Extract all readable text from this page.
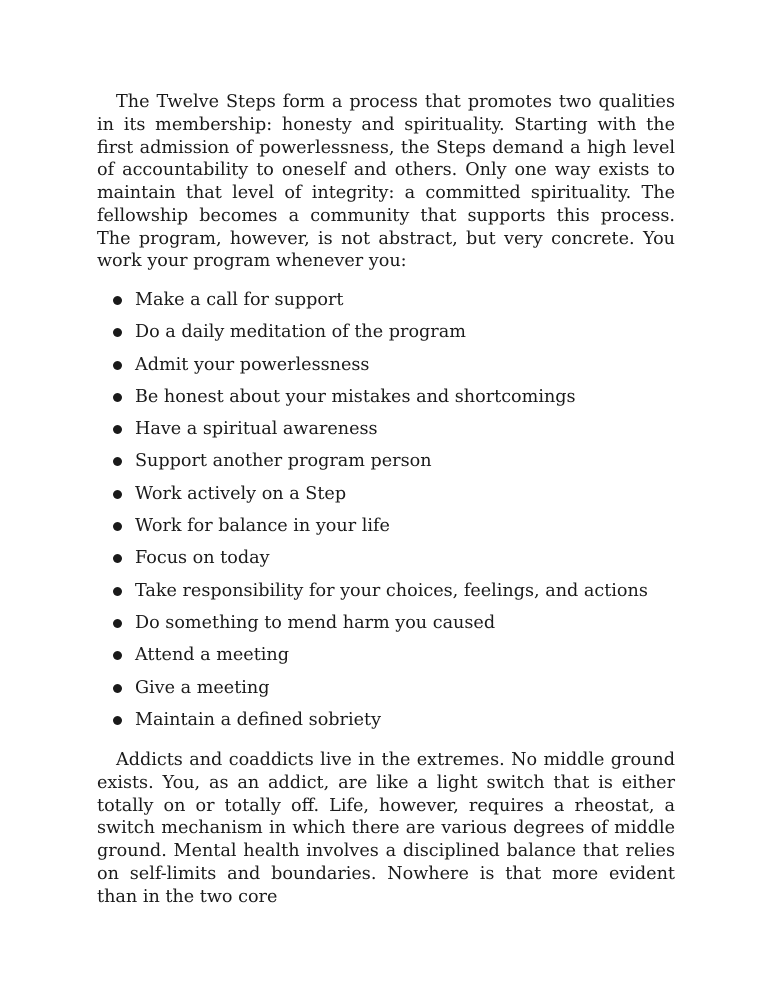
The Twelve Steps form a process that promotes two qualities in its membership: honesty and spirituality. Starting with the first admission of powerlessness, the Steps demand a high level of accountability to oneself and others. Only one way exists to maintain that level of integrity: a committed spirituality. The fellowship becomes a community that supports this process. The program, however, is not abstract, but very concrete. You work your program whenever you:

Make a call for support
Do a daily meditation of the program
Admit your powerlessness
Be honest about your mistakes and shortcomings
Have a spiritual awareness
Support another program person
Work actively on a Step
Work for balance in your life
Focus on today
Take responsibility for your choices, feelings, and actions
Do something to mend harm you caused
Attend a meeting
Give a meeting
Maintain a defined sobriety

Addicts and coaddicts live in the extremes. No middle ground exists. You, as an addict, are like a light switch that is either totally on or totally off. Life, however, requires a rheostat, a switch mechanism in which there are various degrees of middle ground. Mental health involves a disciplined balance that relies on self-limits and boundaries. Nowhere is that more evident than in the two core
